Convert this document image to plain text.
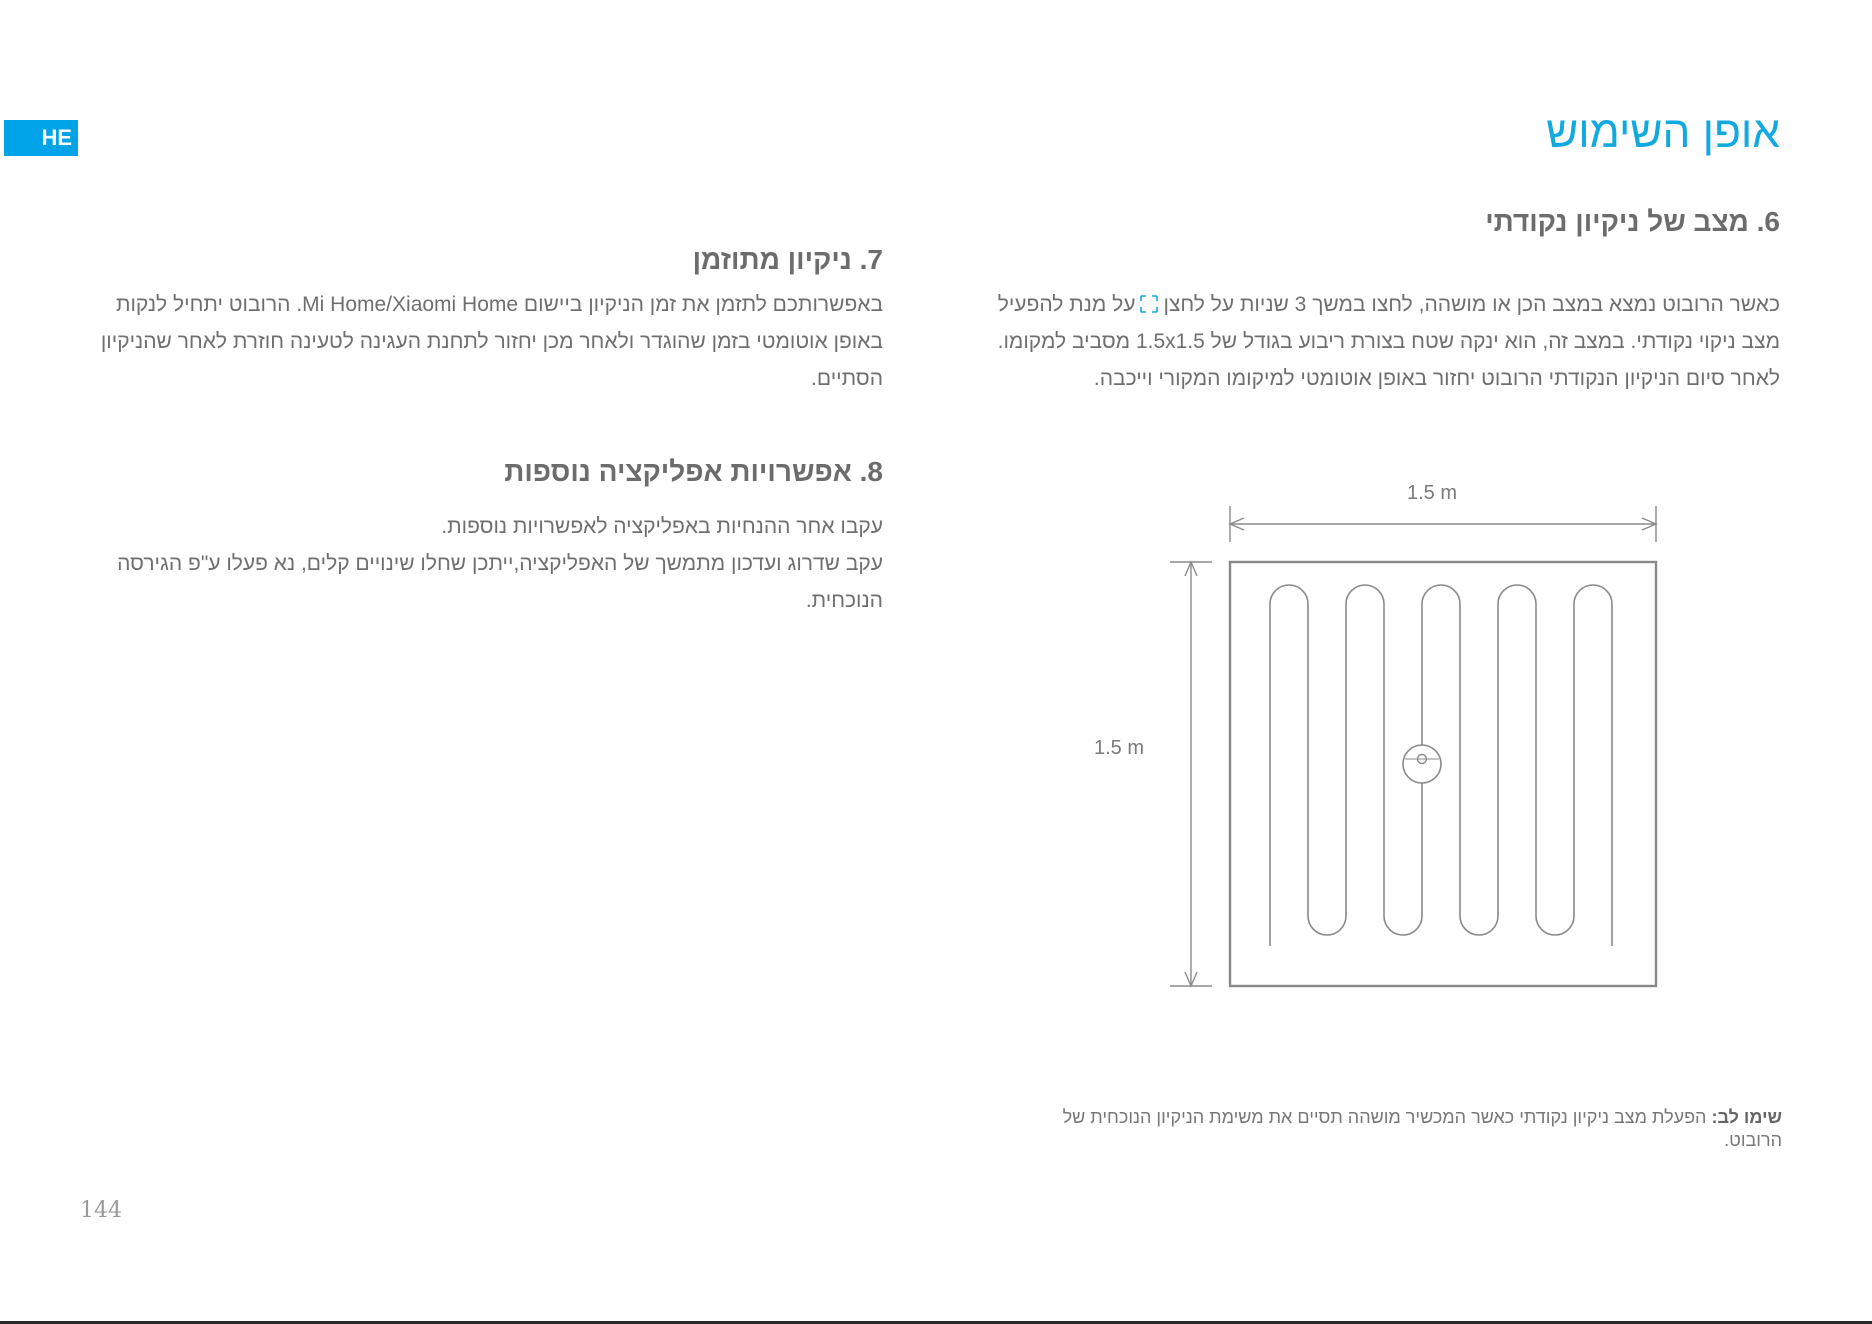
HE	אופן השימוש
6. מצב של ניקיון נקודתי

כאשר הרובוט נמצא במצב הכן או מושהה, לחצו במשך 3 שניות על לחצןעל מנת להפעיל מצב ניקוי נקודתי. במצב זה, הוא ינקה שטח בצורת ריבוע בגודל של 1.5x1.5 מסביב למקומו. לאחר סיום הניקיון הנקודתי הרובוט יחזור באופן אוטומטי למיקומו המקורי וייכבה.

1.5 m
1.5 m

שימו לב: הפעלת מצב ניקיון נקודתי כאשר המכשיר מושהה תסיים את משימת הניקיון הנוכחית של הרובוט.

7. ניקיון מתוזמן

באפשרותכם לתזמן את זמן הניקיון ביישום Mi Home/Xiaomi Home. הרובוט יתחיל לנקות באופן אוטומטי בזמן שהוגדר ולאחר מכן יחזור לתחנת העגינה לטעינה חוזרת לאחר שהניקיון הסתיים.

8. אפשרויות אפליקציה נוספות

עקבו אחר ההנחיות באפליקציה לאפשרויות נוספות.

עקב שדרוג ועדכון מתמשך של האפליקציה,ייתכן שחלו שינויים קלים, נא פעלו ע"פ הגירסה הנוכחית.

144
